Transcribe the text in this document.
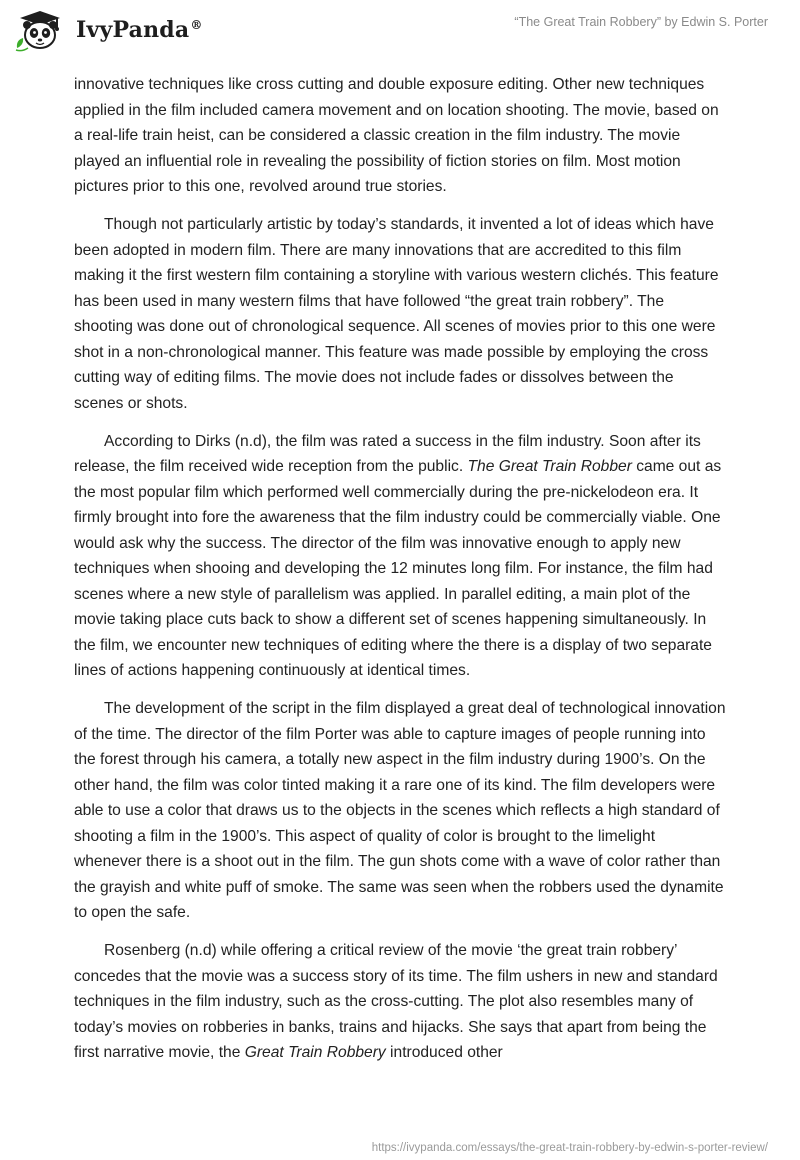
IvyPanda®	“The Great Train Robbery” by Edwin S. Porter

innovative techniques like cross cutting and double exposure editing. Other new techniques applied in the film included camera movement and on location shooting. The movie, based on a real-life train heist, can be considered a classic creation in the film industry. The movie played an influential role in revealing the possibility of fiction stories on film. Most motion pictures prior to this one, revolved around true stories.

Though not particularly artistic by today’s standards, it invented a lot of ideas which have been adopted in modern film. There are many innovations that are accredited to this film making it the first western film containing a storyline with various western clichés. This feature has been used in many western films that have followed “the great train robbery”. The shooting was done out of chronological sequence. All scenes of movies prior to this one were shot in a non-chronological manner. This feature was made possible by employing the cross cutting way of editing films. The movie does not include fades or dissolves between the scenes or shots.

According to Dirks (n.d), the film was rated a success in the film industry. Soon after its release, the film received wide reception from the public. The Great Train Robber came out as the most popular film which performed well commercially during the pre-nickelodeon era. It firmly brought into fore the awareness that the film industry could be commercially viable. One would ask why the success. The director of the film was innovative enough to apply new techniques when shooing and developing the 12 minutes long film. For instance, the film had scenes where a new style of parallelism was applied. In parallel editing, a main plot of the movie taking place cuts back to show a different set of scenes happening simultaneously. In the film, we encounter new techniques of editing where the there is a display of two separate lines of actions happening continuously at identical times.

The development of the script in the film displayed a great deal of technological innovation of the time. The director of the film Porter was able to capture images of people running into the forest through his camera, a totally new aspect in the film industry during 1900’s. On the other hand, the film was color tinted making it a rare one of its kind. The film developers were able to use a color that draws us to the objects in the scenes which reflects a high standard of shooting a film in the 1900’s. This aspect of quality of color is brought to the limelight whenever there is a shoot out in the film. The gun shots come with a wave of color rather than the grayish and white puff of smoke. The same was seen when the robbers used the dynamite to open the safe.

Rosenberg (n.d) while offering a critical review of the movie ‘the great train robbery’ concedes that the movie was a success story of its time. The film ushers in new and standard techniques in the film industry, such as the cross-cutting. The plot also resembles many of today’s movies on robberies in banks, trains and hijacks. She says that apart from being the first narrative movie, the Great Train Robbery introduced other

https://ivypanda.com/essays/the-great-train-robbery-by-edwin-s-porter-review/
